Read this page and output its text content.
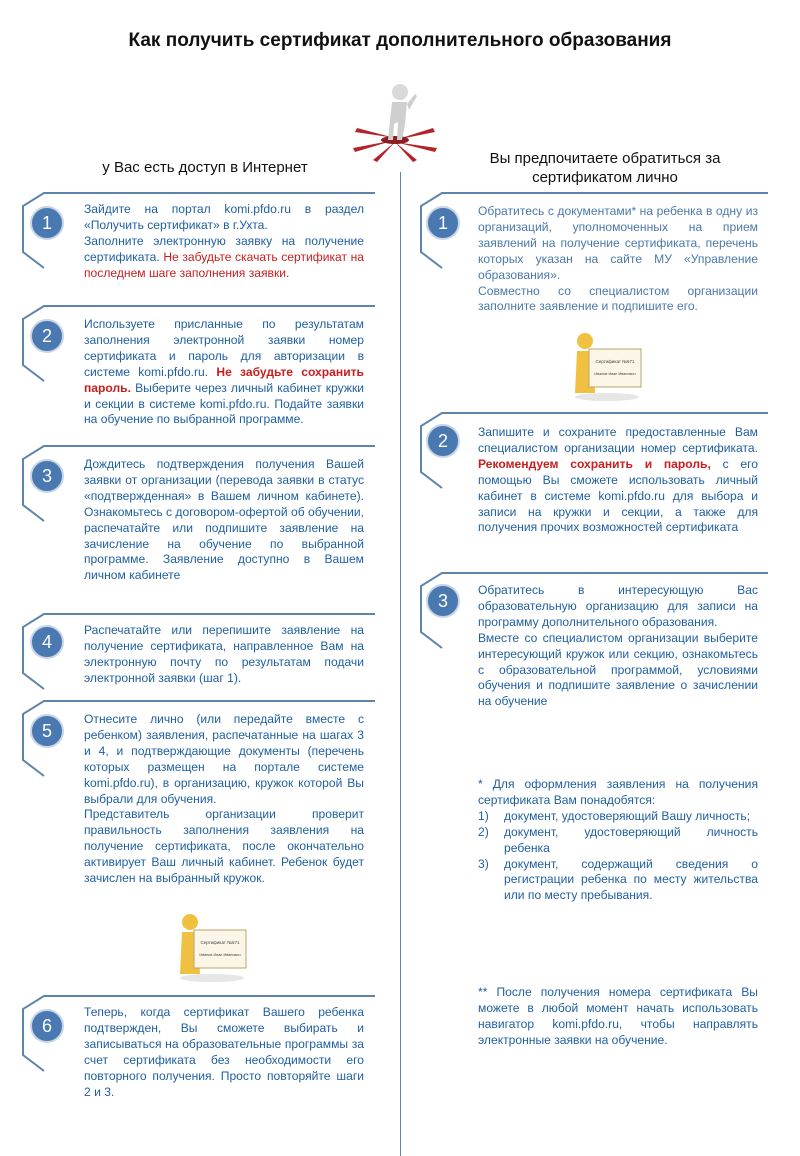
Как получить сертификат дополнительного образования
у Вас есть доступ в Интернет
Вы предпочитаете обратиться за сертификатом лично
1

Зайдите на портал komi.pfdo.ru в раздел «Получить сертификат» в г.Ухта.

Заполните электронную заявку на получение сертификата. Не забудьте скачать сертификат на последнем шаге заполнения заявки.

2

Используете присланные по результатам заполнения электронной заявки номер сертификата и пароль для авторизации в системе komi.pfdo.ru. Не забудьте сохранить пароль. Выберите через личный кабинет кружки и секции в системе komi.pfdo.ru. Подайте заявки на обучение по выбранной программе.

3

Дождитесь подтверждения получения Вашей заявки от организации (перевода заявки в статус «подтвержденная» в Вашем личном кабинете). Ознакомьтесь с договором-офертой об обучении, распечатайте или подпишите заявление на зачисление на обучение по выбранной программе. Заявление доступно в Вашем личном кабинете

4

Распечатайте или перепишите заявление на получение сертификата, направленное Вам на электронную почту по результатам подачи электронной заявки (шаг 1).

5

Отнесите лично (или передайте вместе с ребенком) заявления, распечатанные на шагах 3 и 4, и подтверждающие документы (перечень которых размещен на портале системе komi.pfdo.ru), в организацию, кружок которой Вы выбрали для обучения.

Представитель организации проверит правильность заполнения заявления на получение сертификата, после окончательно активирует Ваш личный кабинет. Ребенок будет зачислен на выбранный кружок.

Сертификат №671
Иванов Иван Иванович
6

Теперь, когда сертификат Вашего ребенка подтвержден, Вы сможете выбирать и записываться на образовательные программы за счет сертификата без необходимости его повторного получения. Просто повторяйте шаги 2 и 3.

1

Обратитесь с документами* на ребенка в одну из организаций, уполномоченных на прием заявлений на получение сертификата, перечень которых указан на сайте МУ «Управление образования».

Совместно со специалистом организации заполните заявление и подпишите его.

Сертификат №671
Иванов Иван Иванович
2	Запишите и сохраните предоставленные Вам специалистом организации номер сертификата. Рекомендуем сохранить и пароль, с его помощью Вы сможете использовать личный кабинет в системе komi.pfdo.ru для выбора и записи на кружки и секции, а также для получения прочих возможностей сертификата

3

Обратитесь в интересующую Вас образовательную организацию для записи на программу дополнительного образования.

Вместе со специалистом организации выберите интересующий кружок или секцию, ознакомьтесь с образовательной программой, условиями обучения и подпишите заявление о зачислении на обучение

* Для оформления заявления на получения сертификата Вам понадобятся:
1)	документ, удостоверяющий Вашу личность;
2)	документ, удостоверяющий личность ребенка
3)	документ, содержащий сведения о регистрации ребенка по месту жительства или по месту пребывания.
** После получения номера сертификата Вы можете в любой момент начать использовать навигатор komi.pfdo.ru, чтобы направлять электронные заявки на обучение.
